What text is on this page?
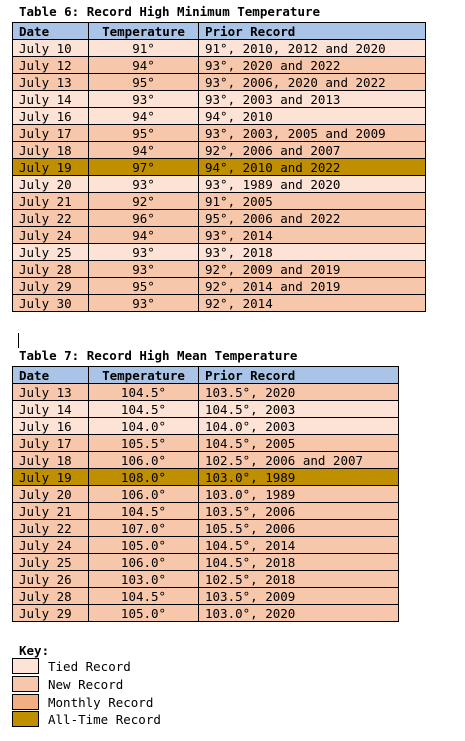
Table 6: Record High Minimum Temperature
Date	Temperature	Prior Record
July 10	91°	91°, 2010, 2012 and 2020
July 12	94°	93°, 2020 and 2022
July 13	95°	93°, 2006, 2020 and 2022
July 14	93°	93°, 2003 and 2013
July 16	94°	94°, 2010
July 17	95°	93°, 2003, 2005 and 2009
July 18	94°	92°, 2006 and 2007
July 19	97°	94°, 2010 and 2022
July 20	93°	93°, 1989 and 2020
July 21	92°	91°, 2005
July 22	96°	95°, 2006 and 2022
July 24	94°	93°, 2014
July 25	93°	93°, 2018
July 28	93°	92°, 2009 and 2019
July 29	95°	92°, 2014 and 2019
July 30	93°	92°, 2014
Table 7: Record High Mean Temperature
Date	Temperature	Prior Record
July 13	104.5°	103.5°, 2020
July 14	104.5°	104.5°, 2003
July 16	104.0°	104.0°, 2003
July 17	105.5°	104.5°, 2005
July 18	106.0°	102.5°, 2006 and 2007
July 19	108.0°	103.0°, 1989
July 20	106.0°	103.0°, 1989
July 21	104.5°	103.5°, 2006
July 22	107.0°	105.5°, 2006
July 24	105.0°	104.5°, 2014
July 25	106.0°	104.5°, 2018
July 26	103.0°	102.5°, 2018
July 28	104.5°	103.5°, 2009
July 29	105.0°	103.0°, 2020
Key:
Tied Record
New Record
Monthly Record
All-Time Record
